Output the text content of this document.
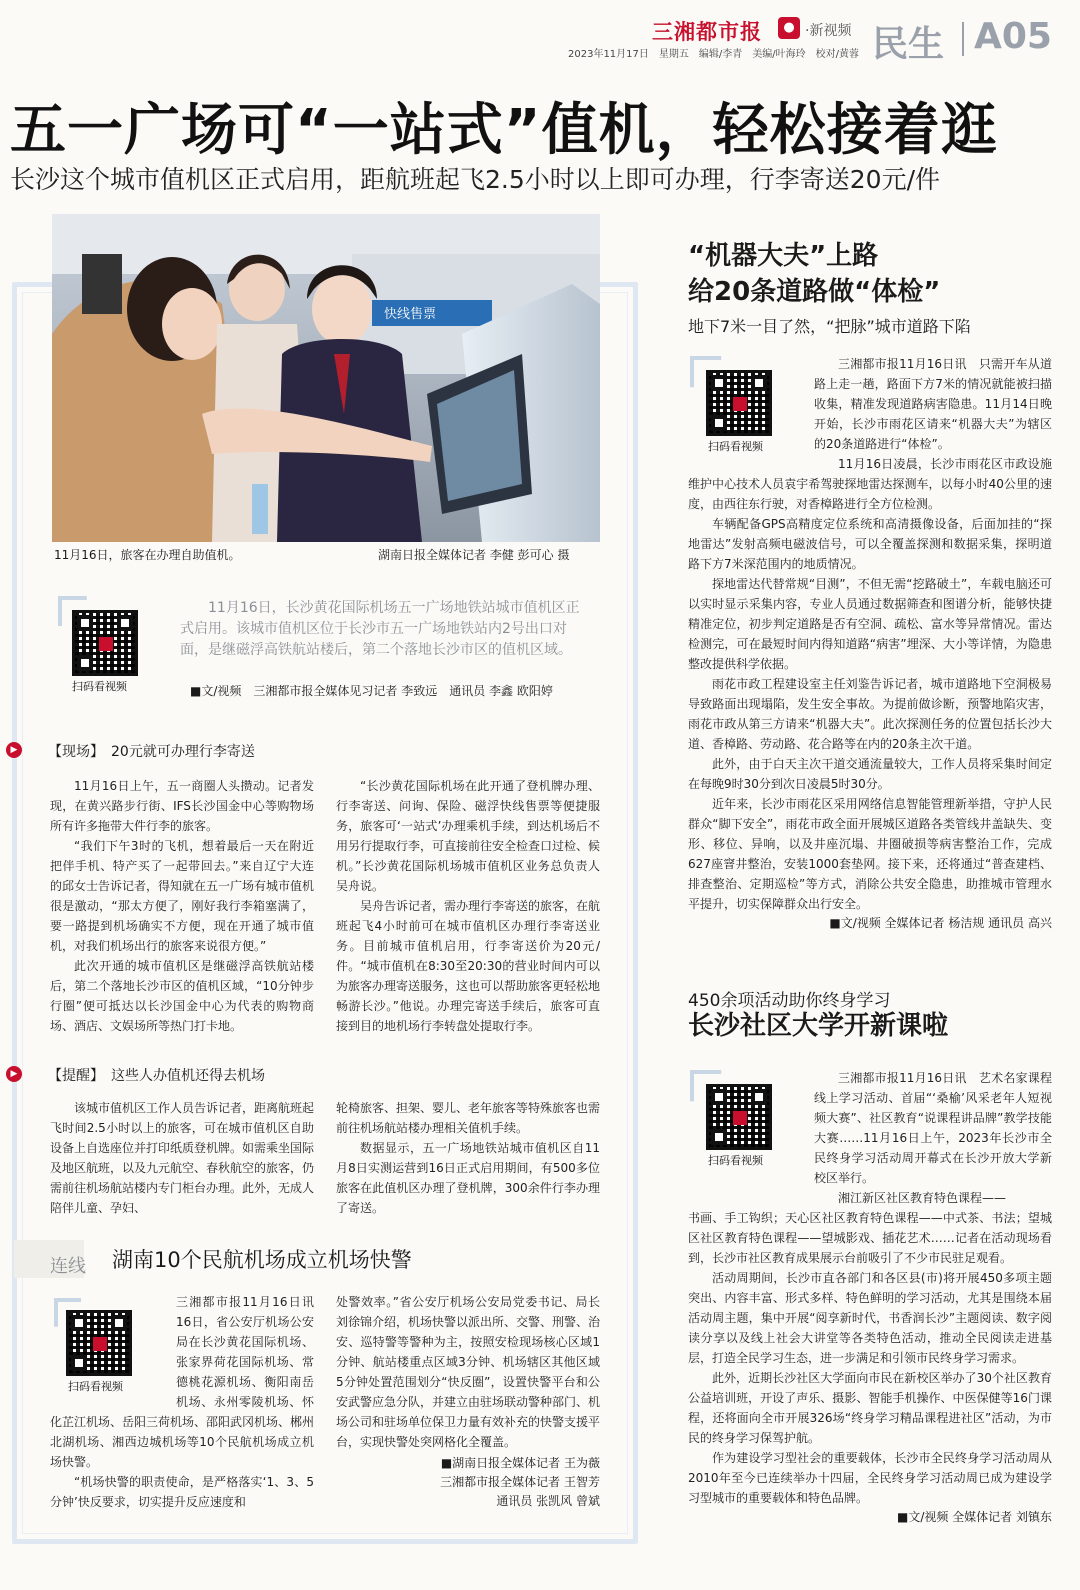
三湘都市报	● ·新视频
2023年11月17日　星期五　编辑/李青　美编/叶海玲　校对/黄蓉 民生 A05
五一广场可“一站式”值机，轻松接着逛
长沙这个城市值机区正式启用，距航班起飞2.5小时以上即可办理，行李寄送20元/件
快线售票
11月16日，旅客在办理自助值机。	湖南日报全媒体记者 李健 彭可心 摄
扫码看视频
11月16日，长沙黄花国际机场五一广场地铁站城市值机区正式启用。该城市值机区位于长沙市五一广场地铁站内2号出口对面，是继磁浮高铁航站楼后，第二个落地长沙市区的值机区域。
■文/视频　三湘都市报全媒体见习记者 李致远　通讯员 李鑫 欧阳婷
▶	【现场】　20元就可办理行李寄送

11月16日上午，五一商圈人头攒动。记者发现，在黄兴路步行街、IFS长沙国金中心等购物场所有许多拖带大件行李的旅客。

“我们下午3时的飞机，想着最后一天在附近把伴手机、特产买了一起带回去。”来自辽宁大连的邱女士告诉记者，得知就在五一广场有城市值机很是激动，“那太方便了，刚好我行李箱塞满了，要一路提到机场确实不方便，现在开通了城市值机，对我们机场出行的旅客来说很方便。”

此次开通的城市值机区是继磁浮高铁航站楼后，第二个落地长沙市区的值机区域，“10分钟步行圈”便可抵达以长沙国金中心为代表的购物商场、酒店、文娱场所等热门打卡地。

“长沙黄花国际机场在此开通了登机牌办理、行李寄送、问询、保险、磁浮快线售票等便捷服务，旅客可‘一站式’办理乘机手续，到达机场后不用另行提取行李，可直接前往安全检查口过检、候机。”长沙黄花国际机场城市值机区业务总负责人吴舟说。

吴舟告诉记者，需办理行李寄送的旅客，在航班起飞4小时前可在城市值机区办理行李寄送业务。目前城市值机启用，行李寄送价为20元/件。“城市值机在8:30至20:30的营业时间内可以为旅客办理寄送服务，这也可以帮助旅客更轻松地畅游长沙。”他说。办理完寄送手续后，旅客可直接到目的地机场行李转盘处提取行李。

▶	【提醒】　这些人办值机还得去机场

该城市值机区工作人员告诉记者，距离航班起飞时间2.5小时以上的旅客，可在城市值机区自助设备上自选座位并打印纸质登机牌。如需乘坐国际及地区航班，以及九元航空、春秋航空的旅客，仍需前往机场航站楼内专门柜台办理。此外，无成人陪伴儿童、孕妇、

轮椅旅客、担架、婴儿、老年旅客等特殊旅客也需前往机场航站楼办理相关值机手续。

数据显示，五一广场地铁站城市值机区自11月8日实测运营到16日正式启用期间，有500多位旅客在此值机区办理了登机牌，300余件行李办理了寄送。

连线 湖南10个民航机场成立机场快警
扫码看视频

三湘都市报11月16日讯　16日，省公安厅机场公安局在长沙黄花国际机场、张家界荷花国际机场、常德桃花源机场、衡阳南岳机场、永州零陵机场、怀化芷江机场、岳阳三荷机场、邵阳武冈机场、郴州北湖机场、湘西边城机场等10个民航机场成立机场快警。

“机场快警的职责使命，是严格落实‘1、3、5分钟’快反要求，切实提升反应速度和

处警效率。”省公安厅机场公安局党委书记、局长刘徐锦介绍，机场快警以派出所、交警、刑警、治安、巡特警等警种为主，按照安检现场核心区域1分钟、航站楼重点区域3分钟、机场辖区其他区域5分钟处置范围划分“快反圈”，设置快警平台和公安武警应急分队，并建立由驻场联动警种部门、机场公司和驻场单位保卫力量有效补充的快警支援平台，实现快警处突网格化全覆盖。

■湖南日报全媒体记者 王为薇

三湘都市报全媒体记者 王智芳

通讯员 张凯风 曾斌

“机器大夫”上路
给20条道路做“体检”
地下7米一目了然，“把脉”城市道路下陷
扫码看视频

三湘都市报11月16日讯　只需开车从道路上走一趟，路面下方7米的情况就能被扫描收集，精准发现道路病害隐患。11月14日晚开始，长沙市雨花区请来“机器大夫”为辖区的20条道路进行“体检”。

11月16日凌晨，长沙市雨花区市政设施维护中心技术人员袁宇希驾驶探地雷达探测车，以每小时40公里的速度，由西往东行驶，对香樟路进行全方位检测。

车辆配备GPS高精度定位系统和高清摄像设备，后面加挂的“探地雷达”发射高频电磁波信号，可以全覆盖探测和数据采集，探明道路下方7米深范围内的地质情况。

探地雷达代替常规“目测”，不但无需“挖路破土”，车载电脑还可以实时显示采集内容，专业人员通过数据筛查和图谱分析，能够快捷精准定位，初步判定道路是否有空洞、疏松、富水等异常情况。雷达检测完，可在最短时间内得知道路“病害”埋深、大小等详情，为隐患整改提供科学依据。

雨花市政工程建设室主任刘鉴告诉记者，城市道路地下空洞极易导致路面出现塌陷，发生安全事故。为提前做诊断，预警地陷灾害，雨花市政从第三方请来“机器大夫”。此次探测任务的位置包括长沙大道、香樟路、劳动路、花合路等在内的20条主次干道。

此外，由于白天主次干道交通流量较大，工作人员将采集时间定在每晚9时30分到次日凌晨5时30分。

近年来，长沙市雨花区采用网络信息智能管理新举措，守护人民群众“脚下安全”，雨花市政全面开展城区道路各类管线井盖缺失、变形、移位、异响，以及井座沉塌、井圈破损等病害整治工作，完成627座窨井整治，安装1000套垫网。接下来，还将通过“普查建档、排查整治、定期巡检”等方式，消除公共安全隐患，助推城市管理水平提升，切实保障群众出行安全。

■文/视频 全媒体记者 杨洁规 通讯员 高兴

450余项活动助你终身学习
长沙社区大学开新课啦
扫码看视频

三湘都市报11月16日讯　艺术名家课程线上学习活动、首届“‘桑榆’风采老年人短视频大赛”、社区教育“说课程讲品牌”教学技能大赛……11月16日上午，2023年长沙市全民终身学习活动周开幕式在长沙开放大学新校区举行。

湘江新区社区教育特色课程——

书画、手工钩织；天心区社区教育特色课程——中式茶、书法；望城区社区教育特色课程——望城影戏、插花艺术……记者在活动现场看到，长沙市社区教育成果展示台前吸引了不少市民驻足观看。

活动周期间，长沙市直各部门和各区县(市)将开展450多项主题突出、内容丰富、形式多样、特色鲜明的学习活动，尤其是围绕本届活动周主题，集中开展“阅享新时代，书香润长沙”主题阅读、数字阅读分享以及线上社会大讲堂等各类特色活动，推动全民阅读走进基层，打造全民学习生态，进一步满足和引领市民终身学习需求。

此外，近期长沙社区大学面向市民在新校区举办了30个社区教育公益培训班，开设了声乐、摄影、智能手机操作、中医保健等16门课程，还将面向全市开展326场“终身学习精品课程进社区”活动，为市民的终身学习保驾护航。

作为建设学习型社会的重要载体，长沙市全民终身学习活动周从2010年至今已连续举办十四届，全民终身学习活动周已成为建设学习型城市的重要载体和特色品牌。

■文/视频 全媒体记者 刘镇东
